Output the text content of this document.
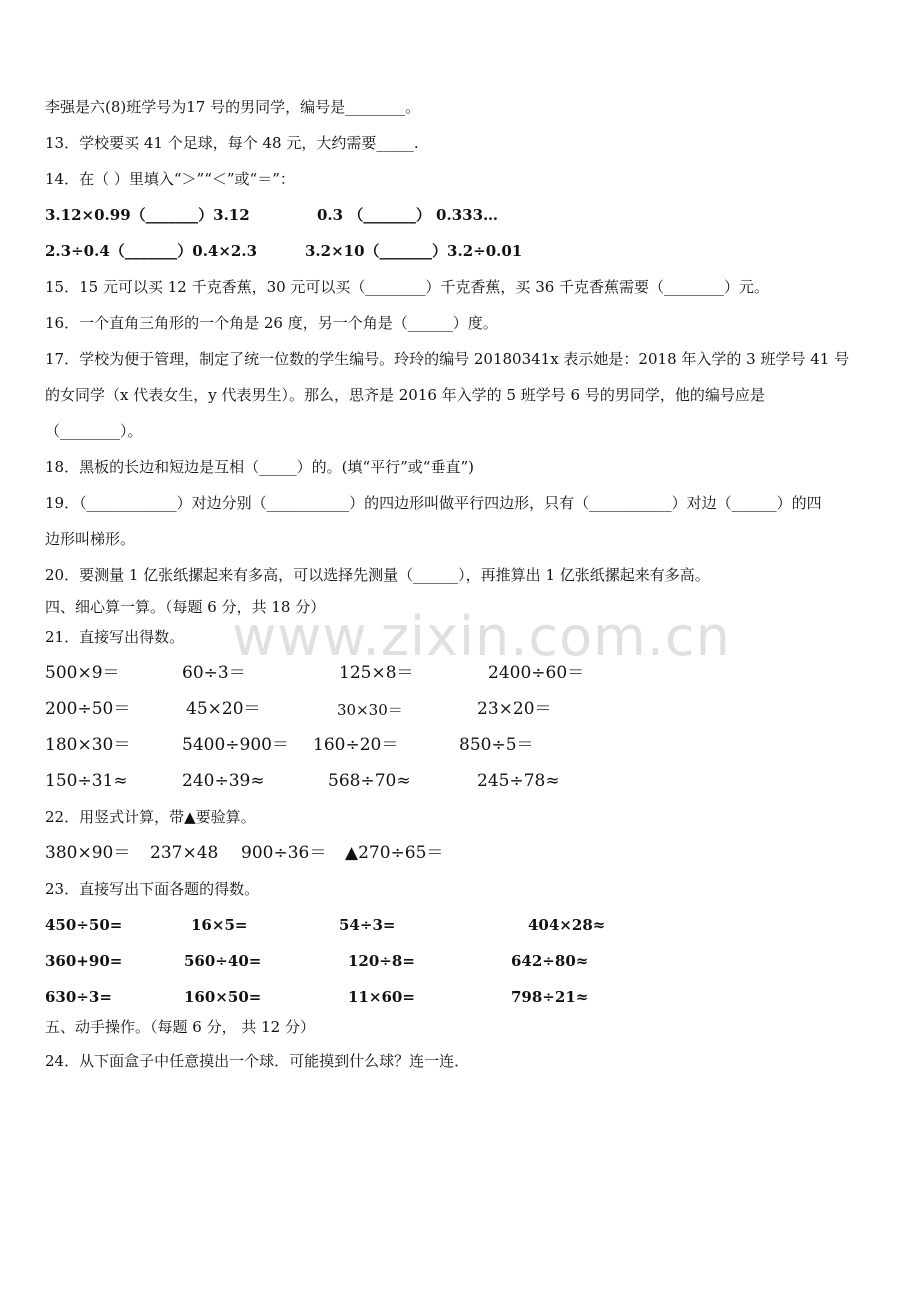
www.zixin.com.cn
李强是六(8)班学号为17 号的男同学，编号是________。
13．学校要买 41 个足球，每个 48 元，大约需要_____.
14．在（ ）里填入“＞”“＜”或“＝”：
3.12×0.99（_______）3.12	0.3 （_______） 0.333…
2.3÷0.4（_______）0.4×2.3	3.2×10（_______）3.2÷0.01
15．15 元可以买 12 千克香蕉，30 元可以买（________）千克香蕉，买 36 千克香蕉需要（________）元。
16．一个直角三角形的一个角是 26 度，另一个角是（______）度。
17．学校为便于管理，制定了统一位数的学生编号。玲玲的编号 20180341x 表示她是：2018 年入学的 3 班学号 41 号
的女同学（x 代表女生，y 代表男生）。那么，思齐是 2016 年入学的 5 班学号 6 号的男同学，他的编号应是
（________）。
18．黑板的长边和短边是互相（_____）的。(填“平行”或“垂直”)
19．（____________）对边分别（___________）的四边形叫做平行四边形，只有（___________）对边（______）的四
边形叫梯形。
20．要测量 1 亿张纸摞起来有多高，可以选择先测量（______），再推算出 1 亿张纸摞起来有多高。
四、细心算一算。（每题 6 分，共 18 分）
21．直接写出得数。
500×9＝	60÷3＝	125×8＝	2400÷60＝
200÷50＝	45×20＝	30×30＝	23×20＝
180×30＝	5400÷900＝ 160÷20＝	850÷5＝
150÷31≈	240÷39≈	568÷70≈	245÷78≈
22．用竖式计算，带▲要验算。
380×90＝ 237×48 900÷36＝ ▲270÷65＝
23．直接写出下面各题的得数。
450÷50=	16×5=	54÷3=	404×28≈
360+90=	560÷40=	120÷8=	642÷80≈
630÷3=	160×50=	11×60=	798÷21≈
五、动手操作。（每题 6 分， 共 12 分）
24．从下面盒子中任意摸出一个球．可能摸到什么球？连一连．
